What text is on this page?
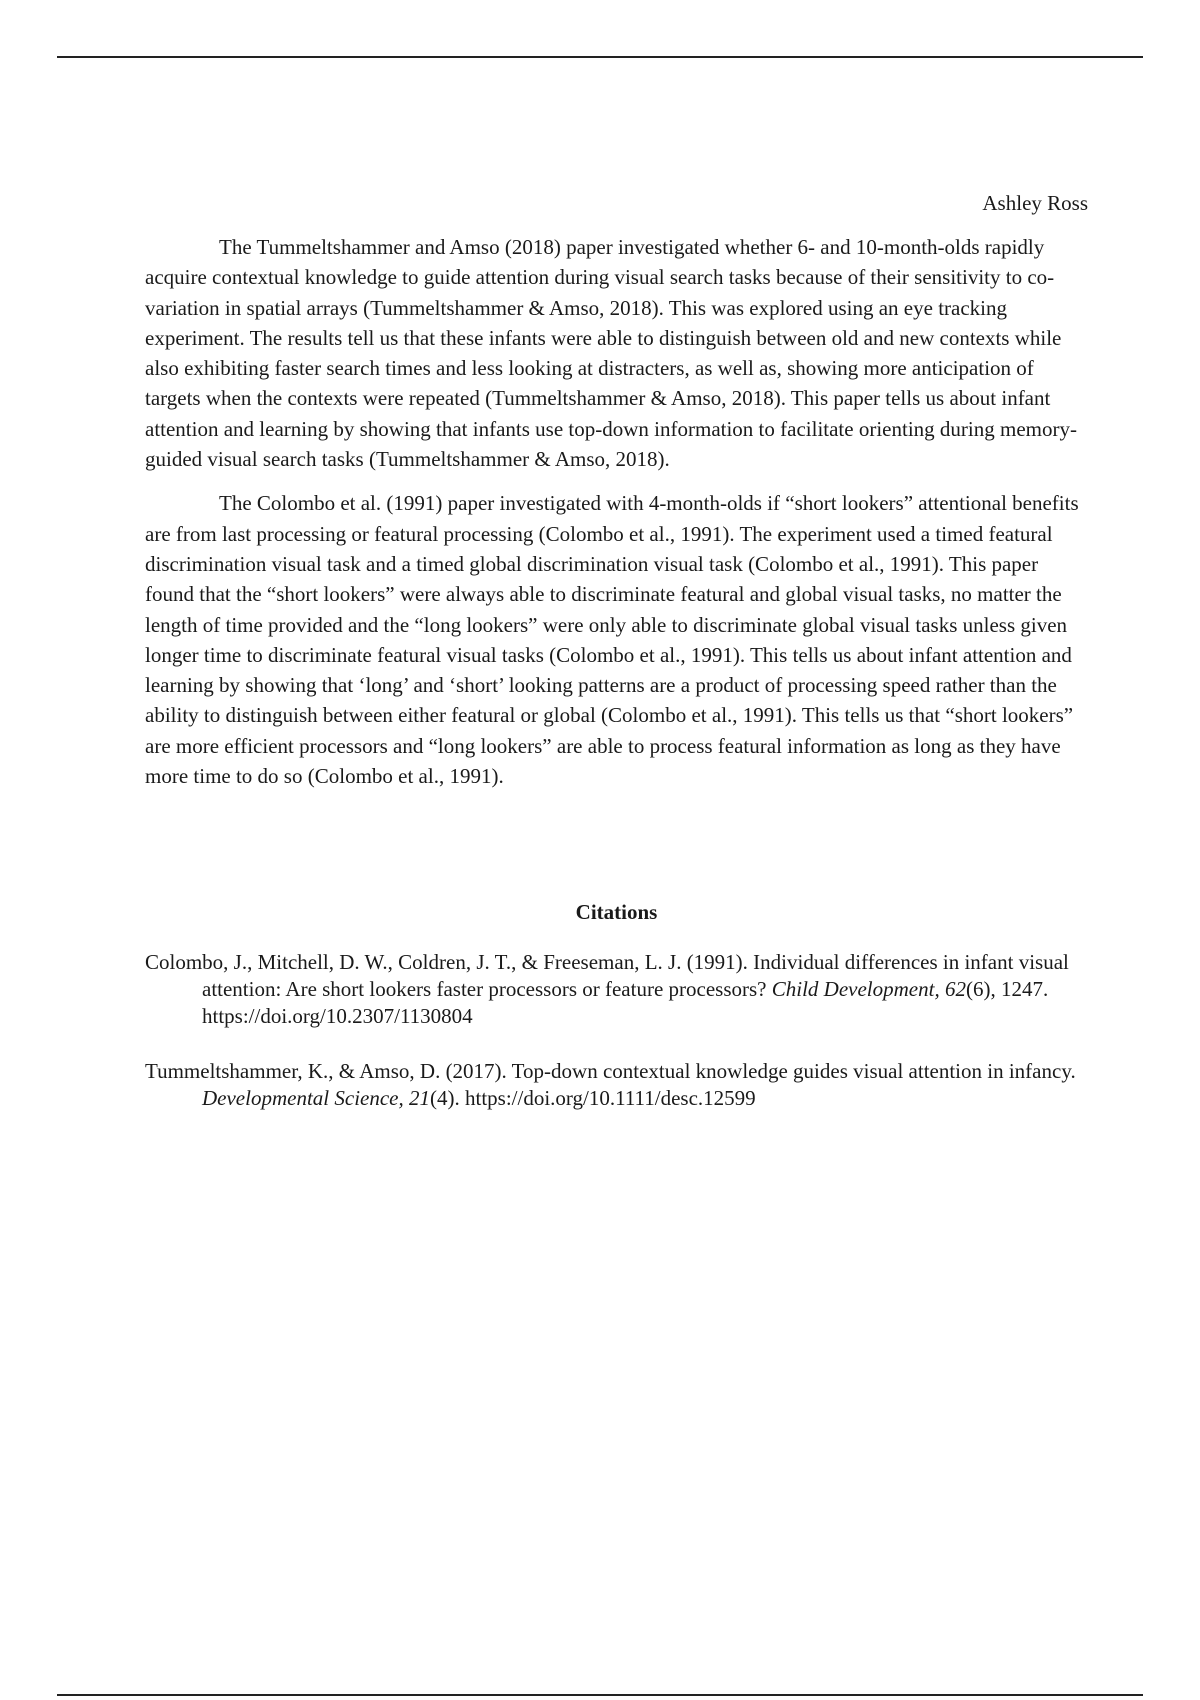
Ashley Ross

The Tummeltshammer and Amso (2018) paper investigated whether 6- and 10-month-olds rapidly acquire contextual knowledge to guide attention during visual search tasks because of their sensitivity to co-variation in spatial arrays (Tummeltshammer & Amso, 2018). This was explored using an eye tracking experiment. The results tell us that these infants were able to distinguish between old and new contexts while also exhibiting faster search times and less looking at distracters, as well as, showing more anticipation of targets when the contexts were repeated (Tummeltshammer & Amso, 2018). This paper tells us about infant attention and learning by showing that infants use top-down information to facilitate orienting during memory-guided visual search tasks (Tummeltshammer & Amso, 2018).

The Colombo et al. (1991) paper investigated with 4-month-olds if “short lookers” attentional benefits are from last processing or featural processing (Colombo et al., 1991). The experiment used a timed featural discrimination visual task and a timed global discrimination visual task (Colombo et al., 1991). This paper found that the “short lookers” were always able to discriminate featural and global visual tasks, no matter the length of time provided and the “long lookers” were only able to discriminate global visual tasks unless given longer time to discriminate featural visual tasks (Colombo et al., 1991). This tells us about infant attention and learning by showing that ‘long’ and ‘short’ looking patterns are a product of processing speed rather than the ability to distinguish between either featural or global (Colombo et al., 1991). This tells us that “short lookers” are more efficient processors and “long lookers” are able to process featural information as long as they have more time to do so (Colombo et al., 1991).

Citations

Colombo, J., Mitchell, D. W., Coldren, J. T., & Freeseman, L. J. (1991). Individual differences in infant visual attention: Are short lookers faster processors or feature processors? Child Development, 62(6), 1247. https://doi.org/10.2307/1130804

Tummeltshammer, K., & Amso, D. (2017). Top-down contextual knowledge guides visual attention in infancy. Developmental Science, 21(4). https://doi.org/10.1111/desc.12599
